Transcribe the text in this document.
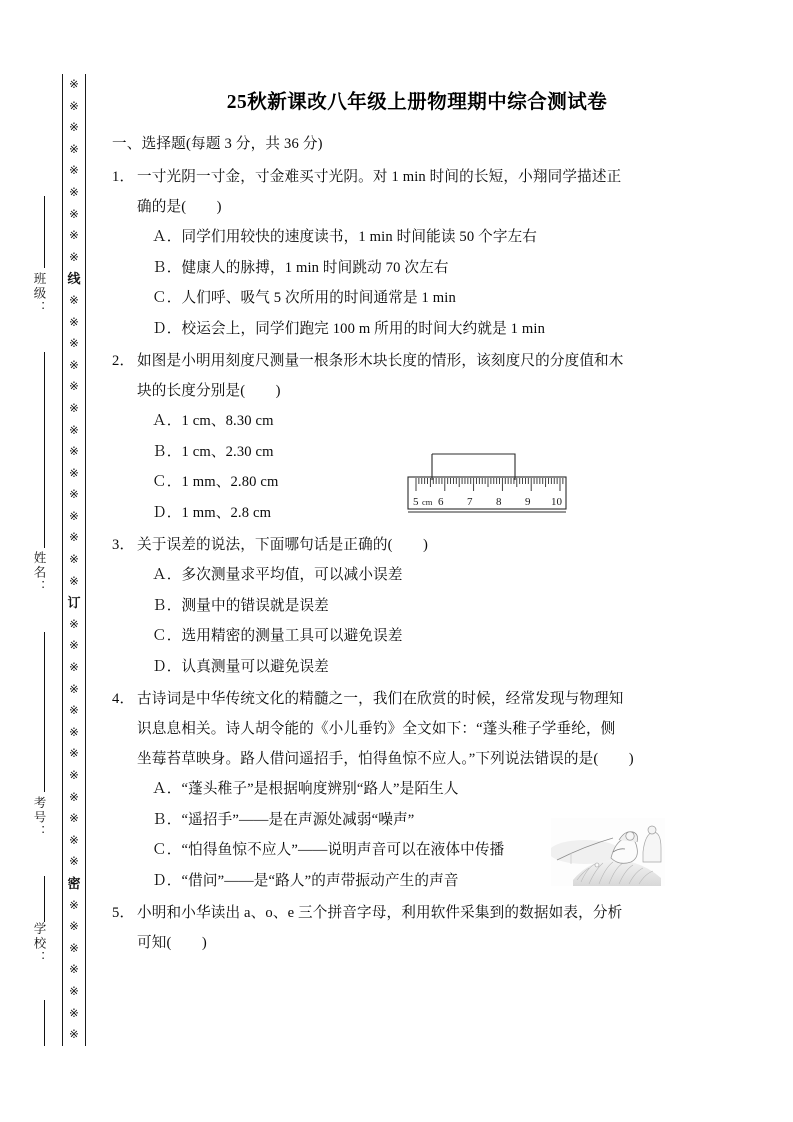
班级：
姓名：
考号：
学校：
※
※
※
※
※
※
※
※
※
线
※
※
※
※
※
※
※
※
※
※
※
※
※
※
订
※
※
※
※
※
※
※
※
※
※
※
※
密
※
※
※
※
※
※
※
25秋新课改八年级上册物理期中综合测试卷
一、选择题(每题 3 分，共 36 分)
1． 一寸光阴一寸金，寸金难买寸光阴。对 1 min 时间的长短，小翔同学描述正
确的是(        )
Ａ．同学们用较快的速度读书，1 min 时间能读 50 个字左右
Ｂ．健康人的脉搏，1 min 时间跳动 70 次左右
Ｃ．人们呼、吸气 5 次所用的时间通常是 1 min
Ｄ．校运会上，同学们跑完 100 m 所用的时间大约就是 1 min
2． 如图是小明用刻度尺测量一根条形木块长度的情形，该刻度尺的分度值和木
块的长度分别是(        )
Ａ．1 cm、8.30 cm
Ｂ．1 cm、2.30 cm
Ｃ．1 mm、2.80 cm
Ｄ．1 mm、2.8 cm
3． 关于误差的说法，下面哪句话是正确的(        )
Ａ．多次测量求平均值，可以减小误差
Ｂ．测量中的错误就是误差
Ｃ．选用精密的测量工具可以避免误差
Ｄ．认真测量可以避免误差
4． 古诗词是中华传统文化的精髓之一，我们在欣赏的时候，经常发现与物理知
识息息相关。诗人胡令能的《小儿垂钓》全文如下：“蓬头稚子学垂纶，侧
坐莓苔草映身。路人借问遥招手，怕得鱼惊不应人。”下列说法错误的是(        )
Ａ．“蓬头稚子”是根据响度辨别“路人”是陌生人
Ｂ．“遥招手”——是在声源处减弱“噪声”
Ｃ．“怕得鱼惊不应人”——说明声音可以在液体中传播
Ｄ．“借问”——是“路人”的声带振动产生的声音
5． 小明和小华读出 a、o、e 三个拼音字母，利用软件采集到的数据如表，分析
可知(        )
5 cm 6 7 8 9 10
